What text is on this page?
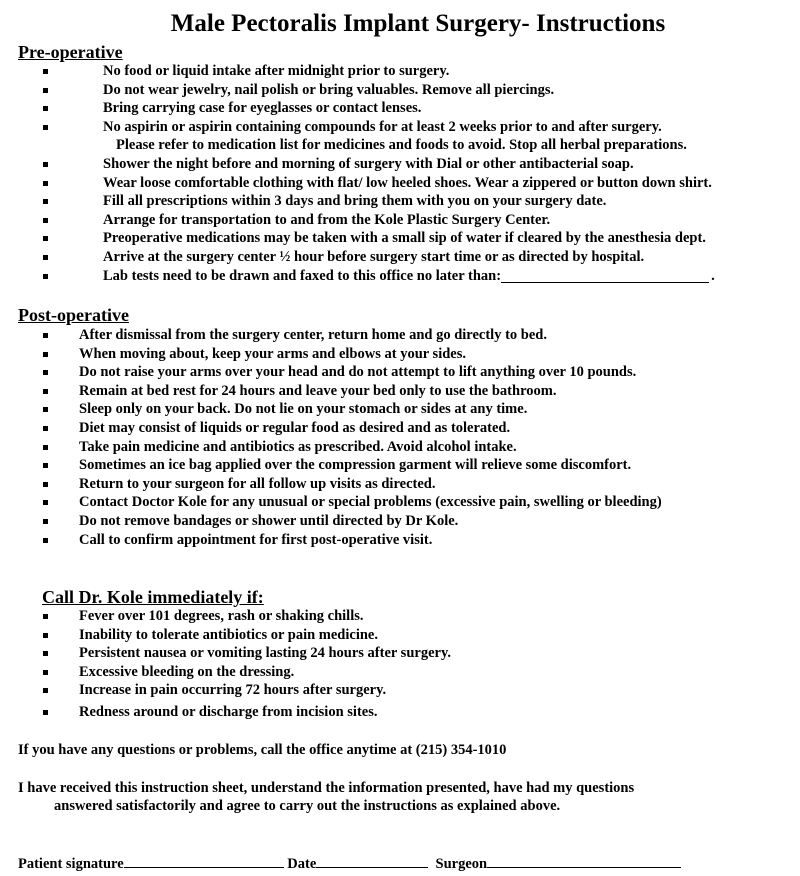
Male Pectoralis Implant Surgery- Instructions
Pre-operative
No food or liquid intake after midnight prior to surgery.
Do not wear jewelry, nail polish or bring valuables. Remove all piercings.
Bring carrying case for eyeglasses or contact lenses.
No aspirin or aspirin containing compounds for at least 2 weeks prior to and after surgery.
Shower the night before and morning of surgery with Dial or other antibacterial soap.
Wear loose comfortable clothing with flat/ low heeled shoes. Wear a zippered or button down shirt.
Fill all prescriptions within 3 days and bring them with you on your surgery date.
Arrange for transportation to and from the Kole Plastic Surgery Center.
Preoperative medications may be taken with a small sip of water if cleared by the anesthesia dept.
Arrive at the surgery center ½ hour before surgery start time or as directed by hospital.
Lab tests need to be drawn and faxed to this office no later than:	.
Please refer to medication list for medicines and foods to avoid. Stop all herbal preparations.
Post-operative
After dismissal from the surgery center, return home and go directly to bed.
When moving about, keep your arms and elbows at your sides.
Do not raise your arms over your head and do not attempt to lift anything over 10 pounds.
Remain at bed rest for 24 hours and leave your bed only to use the bathroom.
Sleep only on your back. Do not lie on your stomach or sides at any time.
Diet may consist of liquids or regular food as desired and as tolerated.
Take pain medicine and antibiotics as prescribed. Avoid alcohol intake.
Sometimes an ice bag applied over the compression garment will relieve some discomfort.
Return to your surgeon for all follow up visits as directed.
Contact Doctor Kole for any unusual or special problems (excessive pain, swelling or bleeding)
Do not remove bandages or shower until directed by Dr Kole.
Call to confirm appointment for first post-operative visit.
Call Dr. Kole immediately if:
Fever over 101 degrees, rash or shaking chills.
Inability to tolerate antibiotics or pain medicine.
Persistent nausea or vomiting lasting 24 hours after surgery.
Excessive bleeding on the dressing.
Increase in pain occurring 72 hours after surgery.
Redness around or discharge from incision sites.
If you have any questions or problems, call the office anytime at (215) 354-1010
I have received this instruction sheet, understand the information presented, have had my questions
answered satisfactorily and agree to carry out the instructions as explained above.
Patient signature	Date	Surgeon
